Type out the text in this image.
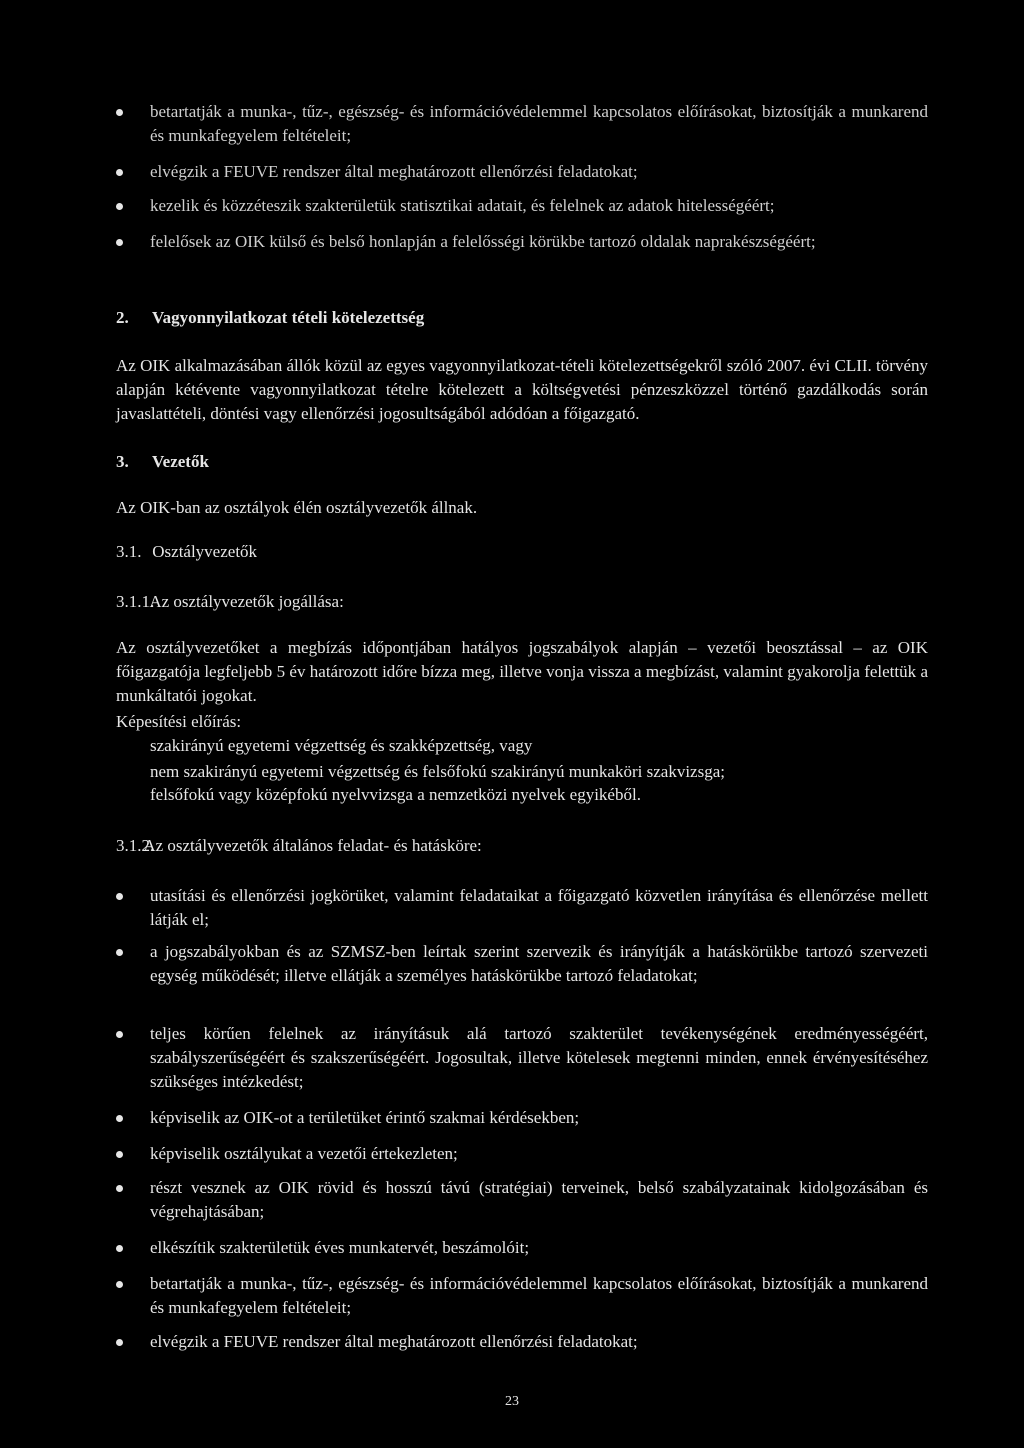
betartatják a munka-, tűz-, egészség- és információvédelemmel kapcsolatos előírásokat, biztosítják a munkarend és munkafegyelem feltételeit;
elvégzik a FEUVE rendszer által meghatározott ellenőrzési feladatokat;
kezelik és közzéteszik szakterületük statisztikai adatait, és felelnek az adatok hitelességéért;
felelősek az OIK külső és belső honlapján a felelősségi körükbe tartozó oldalak naprakészségéért;
2. Vagyonnyilatkozat tételi kötelezettség
Az OIK alkalmazásában állók közül az egyes vagyonnyilatkozat-tételi kötelezettségekről szóló 2007. évi CLII. törvény alapján kétévente vagyonnyilatkozat tételre kötelezett a költségvetési pénzeszközzel történő gazdálkodás során javaslattételi, döntési vagy ellenőrzési jogosultságából adódóan a főigazgató.
3. Vezetők
Az OIK-ban az osztályok élén osztályvezetők állnak.
3.1. Osztályvezetők
3.1.1. Az osztályvezetők jogállása:
Az osztályvezetőket a megbízás időpontjában hatályos jogszabályok alapján – vezetői beosztással – az OIK főigazgatója legfeljebb 5 év határozott időre bízza meg, illetve vonja vissza a megbízást, valamint gyakorolja felettük a munkáltatói jogokat.
Képesítési előírás:
szakirányú egyetemi végzettség és szakképzettség, vagy
nem szakirányú egyetemi végzettség és felsőfokú szakirányú munkaköri szakvizsga;
felsőfokú vagy középfokú nyelvvizsga a nemzetközi nyelvek egyikéből.
3.1.2. Az osztályvezetők általános feladat- és hatásköre:
utasítási és ellenőrzési jogkörüket, valamint feladataikat a főigazgató közvetlen irányítása és ellenőrzése mellett látják el;
a jogszabályokban és az SZMSZ-ben leírtak szerint szervezik és irányítják a hatáskörükbe tartozó szervezeti egység működését; illetve ellátják a személyes hatáskörükbe tartozó feladatokat;
teljes körűen felelnek az irányításuk alá tartozó szakterület tevékenységének eredményességéért, szabályszerűségéért és szakszerűségéért. Jogosultak, illetve kötelesek megtenni minden, ennek érvényesítéséhez szükséges intézkedést;
képviselik az OIK-ot a területüket érintő szakmai kérdésekben;
képviselik osztályukat a vezetői értekezleten;
részt vesznek az OIK rövid és hosszú távú (stratégiai) terveinek, belső szabályzatainak kidolgozásában és végrehajtásában;
elkészítik szakterületük éves munkatervét, beszámolóit;
betartatják a munka-, tűz-, egészség- és információvédelemmel kapcsolatos előírásokat, biztosítják a munkarend és munkafegyelem feltételeit;
elvégzik a FEUVE rendszer által meghatározott ellenőrzési feladatokat;
23
